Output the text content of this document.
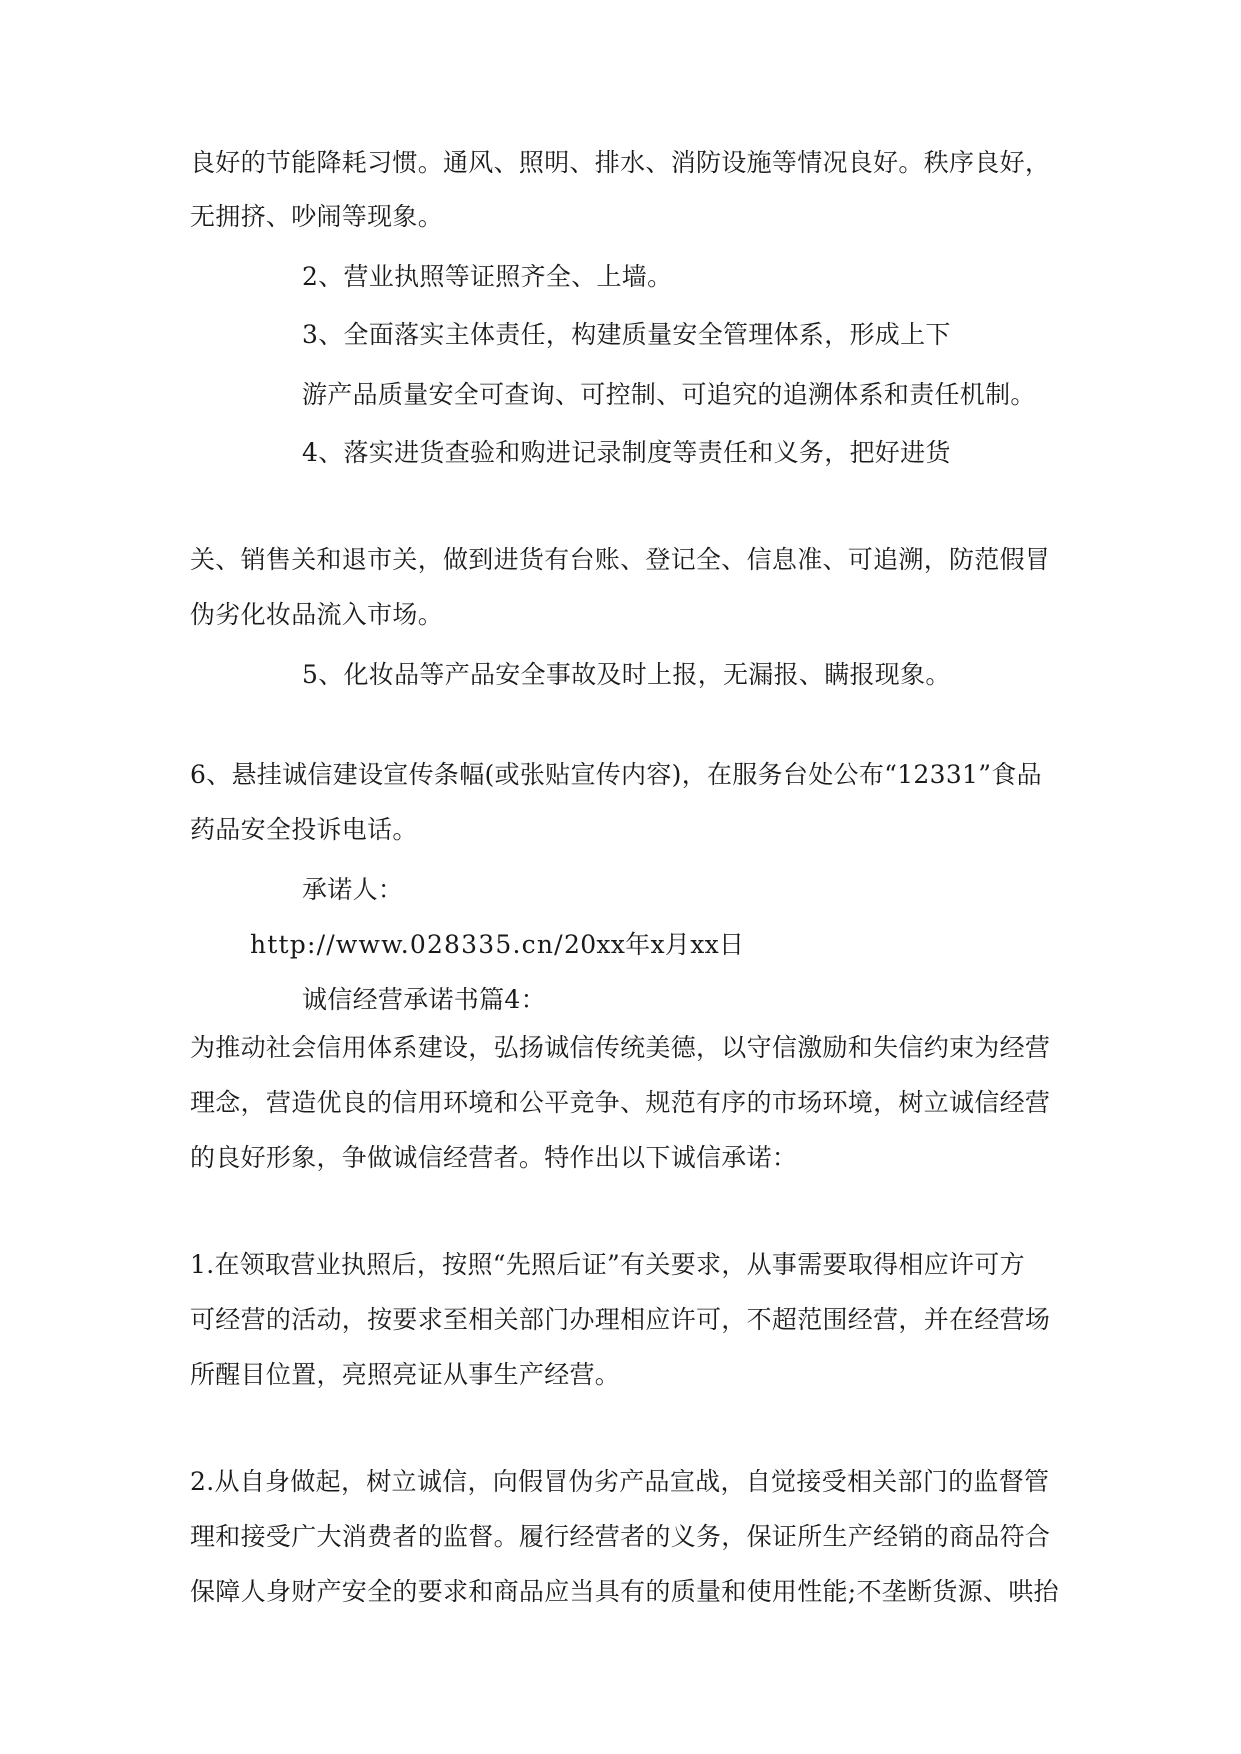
良好的节能降耗习惯。通风、照明、排水、消防设施等情况良好。秩序良好，
无拥挤、吵闹等现象。
2、营业执照等证照齐全、上墙。
3、全面落实主体责任，构建质量安全管理体系，形成上下
游产品质量安全可查询、可控制、可追究的追溯体系和责任机制。
4、落实进货查验和购进记录制度等责任和义务，把好进货
关、销售关和退市关，做到进货有台账、登记全、信息准、可追溯，防范假冒
伪劣化妆品流入市场。
5、化妆品等产品安全事故及时上报，无漏报、瞒报现象。
6、悬挂诚信建设宣传条幅(或张贴宣传内容)，在服务台处公布“12331”食品
药品安全投诉电话。
承诺人：
http://www.028335.cn/ 20xx年x月xx日
诚信经营承诺书篇4：
为推动社会信用体系建设，弘扬诚信传统美德，以守信激励和失信约束为经营
理念，营造优良的信用环境和公平竞争、规范有序的市场环境，树立诚信经营
的良好形象，争做诚信经营者。特作出以下诚信承诺：
1.在领取营业执照后，按照“先照后证”有关要求，从事需要取得相应许可方
可经营的活动，按要求至相关部门办理相应许可，不超范围经营，并在经营场
所醒目位置，亮照亮证从事生产经营。
2.从自身做起，树立诚信，向假冒伪劣产品宣战，自觉接受相关部门的监督管
理和接受广大消费者的监督。履行经营者的义务，保证所生产经销的商品符合
保障人身财产安全的要求和商品应当具有的质量和使用性能;不垄断货源、哄抬
